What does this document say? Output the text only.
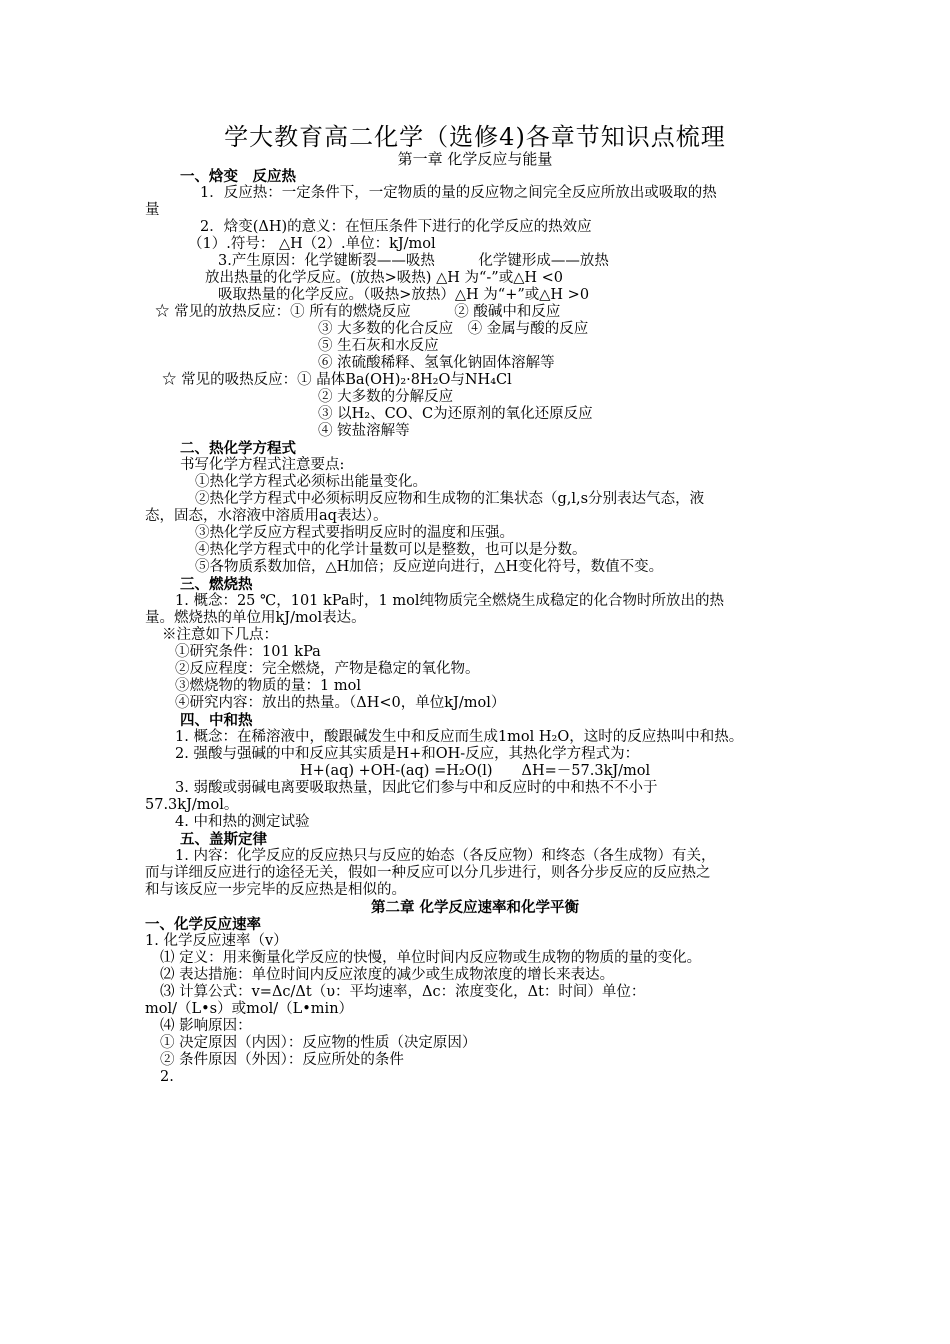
学大教育高二化学（选修4)各章节知识点梳理
第一章 化学反应与能量
一、焓变　反应热
1．反应热：一定条件下，一定物质的量的反应物之间完全反应所放出或吸取的热
量
2．焓变(ΔH)的意义：在恒压条件下进行的化学反应的热效应
（1）.符号： △H（2）.单位：kJ/mol
3.产生原因：化学键断裂——吸热　　　化学键形成——放热
放出热量的化学反应。(放热>吸热) △H 为“-”或△H <0
吸取热量的化学反应。（吸热>放热）△H 为“+”或△H >0
☆ 常见的放热反应：① 所有的燃烧反应　　　② 酸碱中和反应
③ 大多数的化合反应　④ 金属与酸的反应
⑤ 生石灰和水反应
⑥ 浓硫酸稀释、氢氧化钠固体溶解等
☆ 常见的吸热反应：① 晶体Ba(OH)₂·8H₂O与NH₄Cl
② 大多数的分解反应
③ 以H₂、CO、C为还原剂的氧化还原反应
④ 铵盐溶解等
二、热化学方程式
书写化学方程式注意要点:
①热化学方程式必须标出能量变化。
②热化学方程式中必须标明反应物和生成物的汇集状态（g,l,s分别表达气态，液
态，固态，水溶液中溶质用aq表达）。
③热化学反应方程式要指明反应时的温度和压强。
④热化学方程式中的化学计量数可以是整数，也可以是分数。
⑤各物质系数加倍，△H加倍；反应逆向进行，△H变化符号，数值不变。
三、燃烧热
1. 概念：25 ℃，101 kPa时，1 mol纯物质完全燃烧生成稳定的化合物时所放出的热
量。燃烧热的单位用kJ/mol表达。
※注意如下几点：
①研究条件：101 kPa
②反应程度：完全燃烧，产物是稳定的氧化物。
③燃烧物的物质的量：1 mol
④研究内容：放出的热量。（ΔH<0，单位kJ/mol）
四、中和热
1. 概念：在稀溶液中，酸跟碱发生中和反应而生成1mol H₂O，这时的反应热叫中和热。
2. 强酸与强碱的中和反应其实质是H+和OH-反应，其热化学方程式为：
H+(aq) +OH-(aq) =H₂O(l)　　ΔH=－57.3kJ/mol
3. 弱酸或弱碱电离要吸取热量，因此它们参与中和反应时的中和热不不小于
57.3kJ/mol。
4. 中和热的测定试验
五、盖斯定律
1. 内容：化学反应的反应热只与反应的始态（各反应物）和终态（各生成物）有关，
而与详细反应进行的途径无关，假如一种反应可以分几步进行，则各分步反应的反应热之
和与该反应一步完毕的反应热是相似的。
第二章 化学反应速率和化学平衡
一、化学反应速率
1. 化学反应速率（v）
⑴ 定义：用来衡量化学反应的快慢，单位时间内反应物或生成物的物质的量的变化。
⑵ 表达措施：单位时间内反应浓度的减少或生成物浓度的增长来表达。
⑶ 计算公式：v=Δc/Δt（υ：平均速率，Δc：浓度变化，Δt：时间）单位：
mol/（L•s）或mol/（L•min）
⑷ 影响原因：
① 决定原因（内因）：反应物的性质（决定原因）
② 条件原因（外因）：反应所处的条件
2.
